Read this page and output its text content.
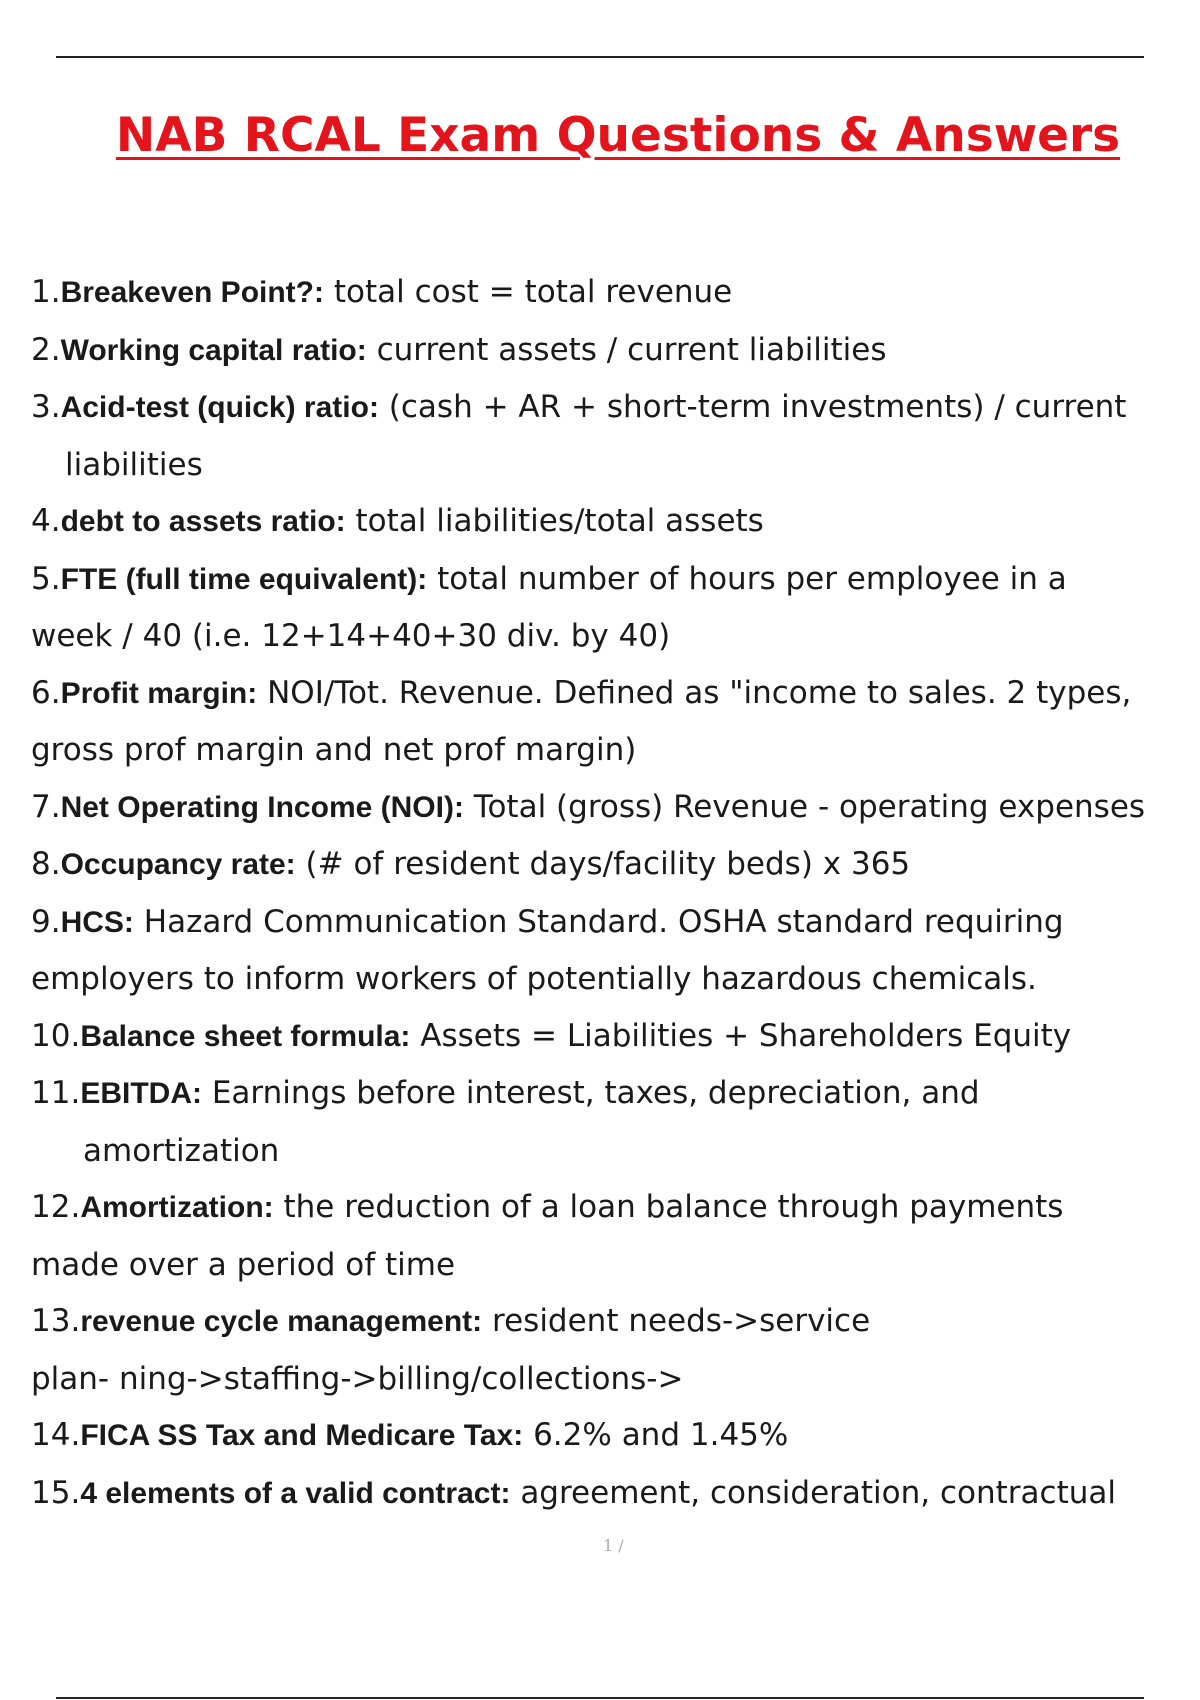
NAB RCAL Exam Questions & Answers
1.Breakeven Point?: total cost = total revenue
2.Working capital ratio: current assets / current liabilities
3.Acid-test (quick) ratio: (cash + AR + short-term investments) / current
liabilities
4.debt to assets ratio: total liabilities/total assets
5.FTE (full time equivalent): total number of hours per employee in a
week / 40 (i.e. 12+14+40+30 div. by 40)
6.Profit margin: NOI/Tot. Revenue. Defined as "income to sales. 2 types,
gross prof margin and net prof margin)
7.Net Operating Income (NOI): Total (gross) Revenue - operating expenses
8.Occupancy rate: (# of resident days/facility beds) x 365
9.HCS: Hazard Communication Standard. OSHA standard requiring
employers to inform workers of potentially hazardous chemicals.
10.Balance sheet formula: Assets = Liabilities + Shareholders Equity
11.EBITDA: Earnings before interest, taxes, depreciation, and
amortization
12.Amortization: the reduction of a loan balance through payments
made over a period of time
13.revenue cycle management: resident needs->service
plan- ning->staffing->billing/collections->
14.FICA SS Tax and Medicare Tax: 6.2% and 1.45%
15.4 elements of a valid contract: agreement, consideration, contractual
1 /
